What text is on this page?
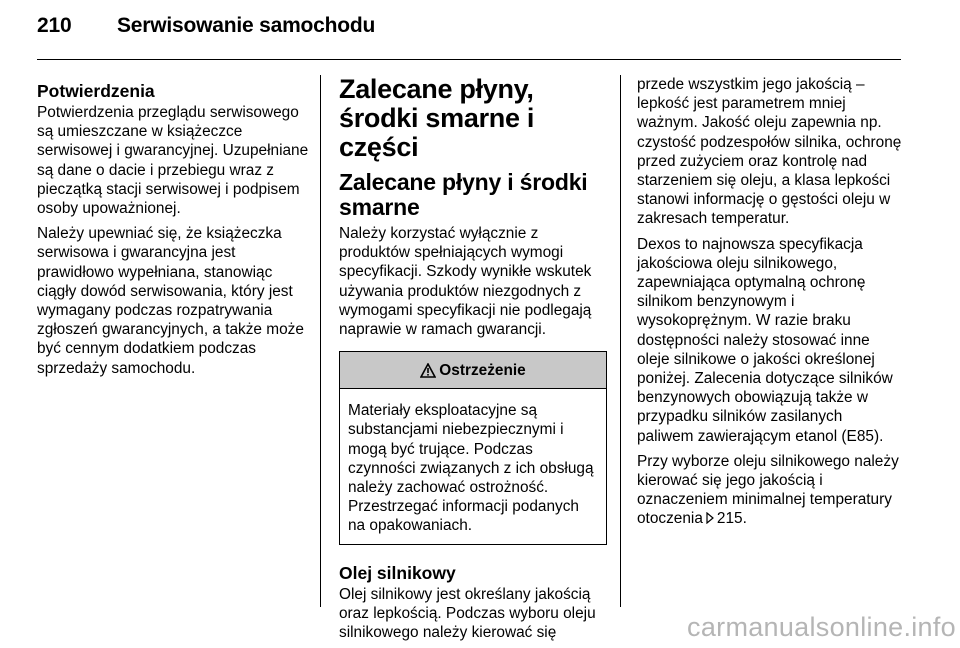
210	Serwisowanie samochodu
Potwierdzenia

Potwierdzenia przeglądu serwisowego są umieszczane w książeczce serwisowej i gwarancyjnej. Uzupełniane są dane o dacie i przebiegu wraz z pieczątką stacji serwisowej i podpisem osoby upoważnionej.

Należy upewniać się, że książeczka serwisowa i gwarancyjna jest prawidłowo wypełniana, stanowiąc ciągły dowód serwisowania, który jest wymagany podczas rozpatrywania zgłoszeń gwarancyjnych, a także może być cennym dodatkiem podczas sprzedaży samochodu.

Zalecane płyny, środki smarne i części
Zalecane płyny i środki smarne

Należy korzystać wyłącznie z produktów spełniających wymogi specyfikacji. Szkody wynikłe wskutek używania produktów niezgodnych z wymogami specyfikacji nie podlegają naprawie w ramach gwarancji.

Ostrzeżenie
Materiały eksploatacyjne są substancjami niebezpiecznymi i mogą być trujące. Podczas czynności związanych z ich obsługą należy zachować ostrożność. Przestrzegać informacji podanych na opakowaniach.
Olej silnikowy

Olej silnikowy jest określany jakością oraz lepkością. Podczas wyboru oleju silnikowego należy kierować się

przede wszystkim jego jakością – lepkość jest parametrem mniej ważnym. Jakość oleju zapewnia np. czystość podzespołów silnika, ochronę przed zużyciem oraz kontrolę nad starzeniem się oleju, a klasa lepkości stanowi informację o gęstości oleju w zakresach temperatur.

Dexos to najnowsza specyfikacja jakościowa oleju silnikowego, zapewniająca optymalną ochronę silnikom benzynowym i wysokoprężnym. W razie braku dostępności należy stosować inne oleje silnikowe o jakości określonej poniżej. Zalecenia dotyczące silników benzynowych obowiązują także w przypadku silników zasilanych paliwem zawierającym etanol (E85).

Przy wyborze oleju silnikowego należy kierować się jego jakością i oznaczeniem minimalnej temperatury otoczenia 215.

carmanualsonline.info
